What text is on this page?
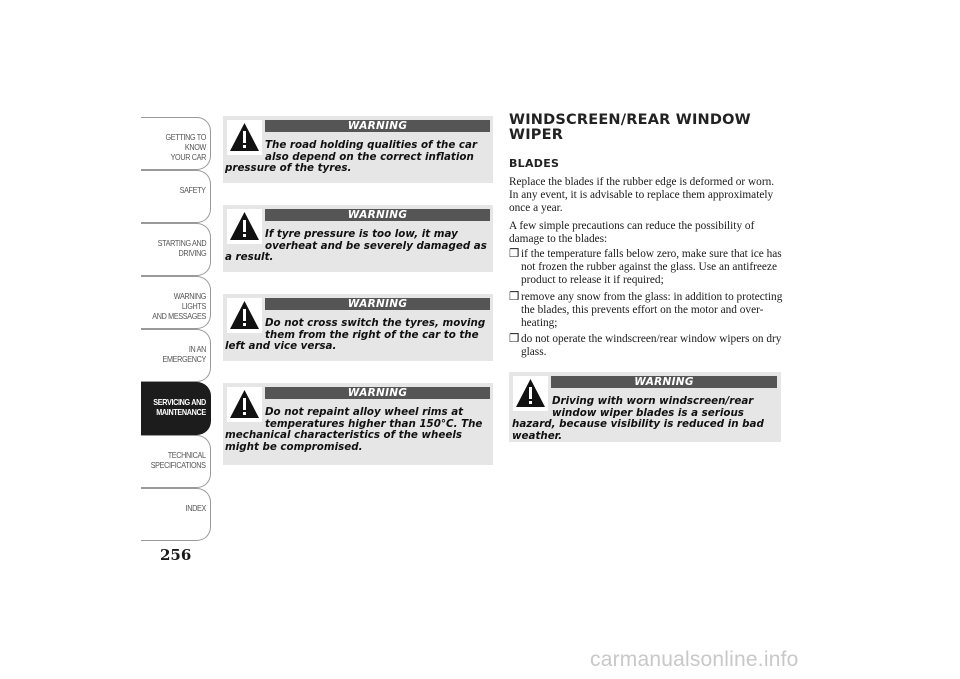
GETTING TO KNOW
YOUR CAR
SAFETY
STARTING AND
DRIVING
WARNING LIGHTS
AND MESSAGES
IN AN EMERGENCY
SERVICING AND
MAINTENANCE
TECHNICAL
SPECIFICATIONS
INDEX
256
WARNING
The road holding qualities of the car
also depend on the correct inflation pressure of the tyres.
WARNING
If tyre pressure is too low, it may
overheat and be severely damaged as a result.
WARNING
Do not cross switch the tyres, moving
them from the right of the car to the left and vice versa.
WARNING
Do not repaint alloy wheel rims at
temperatures higher than 150°C. The mechanical characteristics of the wheels might be compromised.
WINDSCREEN/REAR WINDOW WIPER
BLADES
Replace the blades if the rubber edge is deformed or worn. In any event, it is advisable to replace them approximately once a year.
A few simple precautions can reduce the possibility of damage to the blades:
❒ if the temperature falls below zero, make sure that ice has not frozen the rubber against the glass. Use an antifreeze product to release it if required;
❒ remove any snow from the glass: in addition to protecting the blades, this prevents effort on the motor and over-heating;
❒ do not operate the windscreen/rear window wipers on dry glass.
WARNING
Driving with worn windscreen/rear
window wiper blades is a serious hazard, because visibility is reduced in bad weather.
carmanualsonline.info
